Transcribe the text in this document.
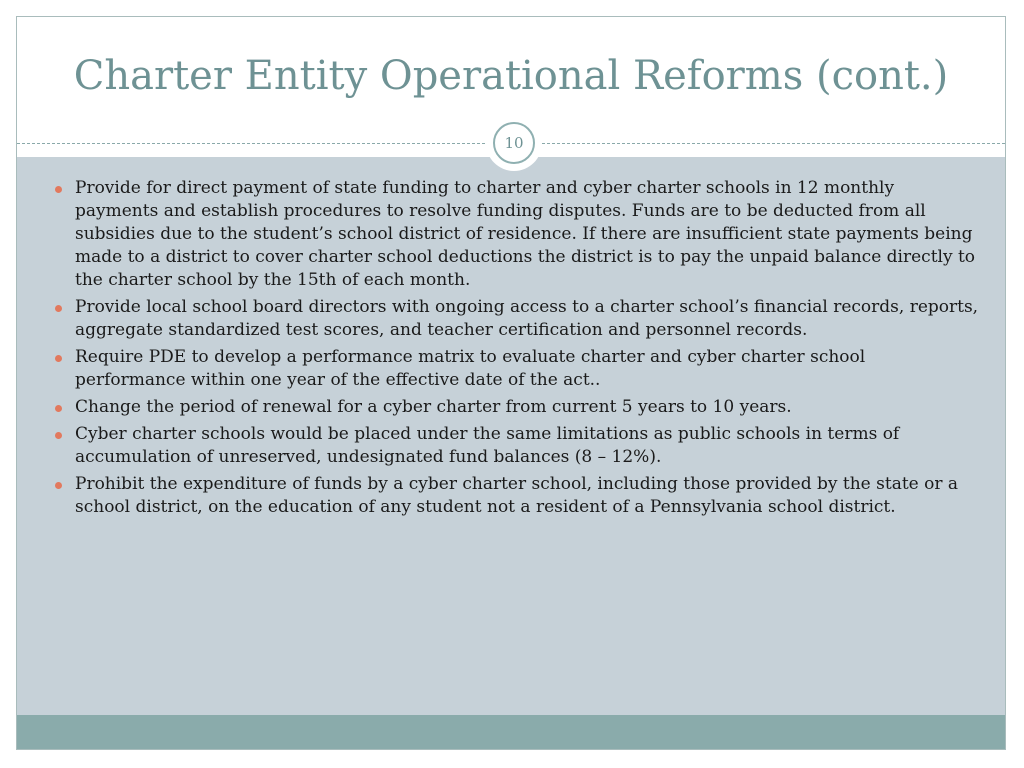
Charter Entity Operational Reforms (cont.)
10
Provide for direct payment of state funding to charter and cyber charter schools in 12 monthly payments and establish procedures to resolve funding disputes. Funds are to be deducted from all subsidies due to the student’s school district of residence. If there are insufficient state payments being made to a district to cover charter school deductions the district is to pay the unpaid balance directly to the charter school by the 15th of each month.
Provide local school board directors with ongoing access to a charter school’s financial records, reports, aggregate standardized test scores, and teacher certification and personnel records.
Require PDE to develop a performance matrix to evaluate charter and cyber charter school performance within one year of the effective date of the act..
Change the period of renewal for a cyber charter from current 5 years to 10 years.
Cyber charter schools would be placed under the same limitations as public schools in terms of accumulation of unreserved, undesignated fund balances (8 – 12%).
Prohibit the expenditure of funds by a cyber charter school, including those provided by the state or a school district, on the education of any student not a resident of a Pennsylvania school district.
